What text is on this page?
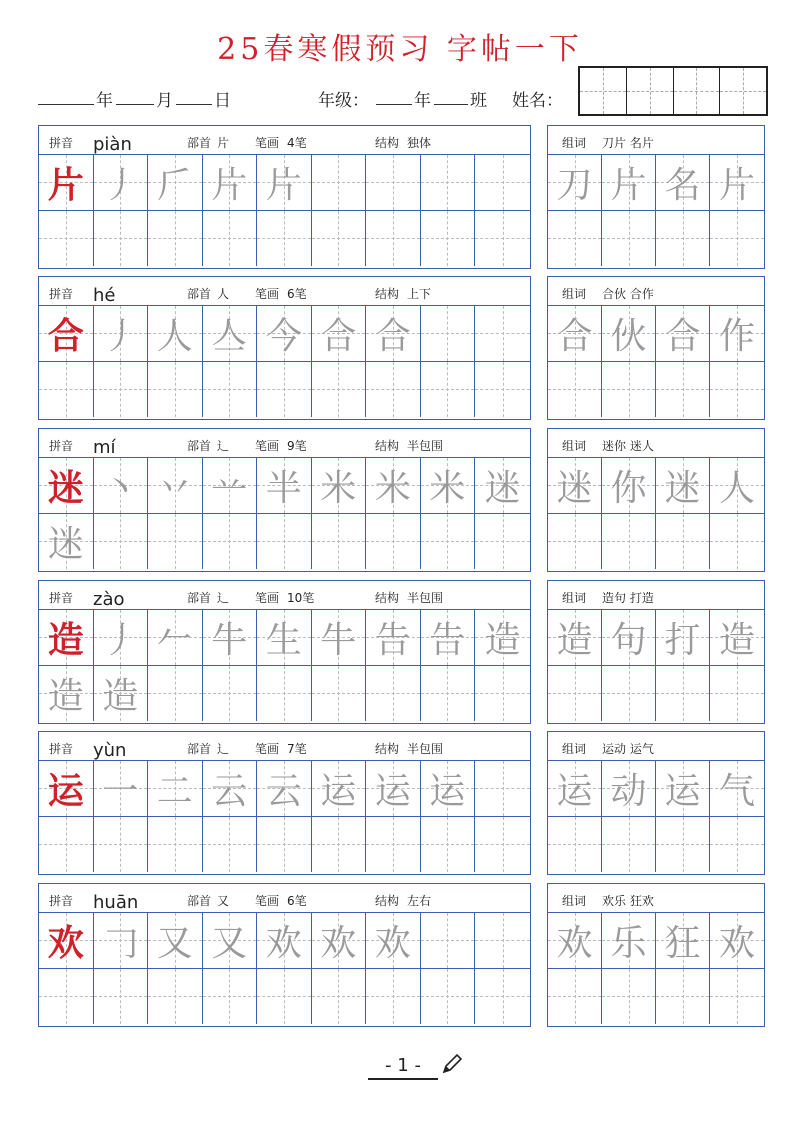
25春寒假预习 字帖一下
年	月 日	年级：	年 班 姓名：
拼音 piàn	部首 片 笔画 4笔	结构 独体
片 丿 𠂆 片 片
组词 刀片 名片
刀 片 名 片
拼音 hé	部首 人 笔画 6笔	结构 上下
合 丿 人 亼 今 合 合
组词 合伙 合作
合 伙 合 作
拼音 mí	部首 辶 笔画 9笔	结构 半包围
迷 丶 丷 䒑 半 米 米 米 迷
迷
组词 迷你 迷人
迷 你 迷 人
拼音 zào	部首 辶 笔画 10笔	结构 半包围
造 丿 𠂉 牛 生 牛 告 告 造
造 造
组词 造句 打造
造 句 打 造
拼音 yùn	部首 辶 笔画 7笔	结构 半包围
运 一 二 云 云 运 运 运
组词 运动 运气
运 动 运 气
拼音 huān	部首 又 笔画 6笔	结构 左右
欢 𠃌 又 又 欢 欢 欢
组词 欢乐 狂欢
欢 乐 狂 欢
- 1 -
